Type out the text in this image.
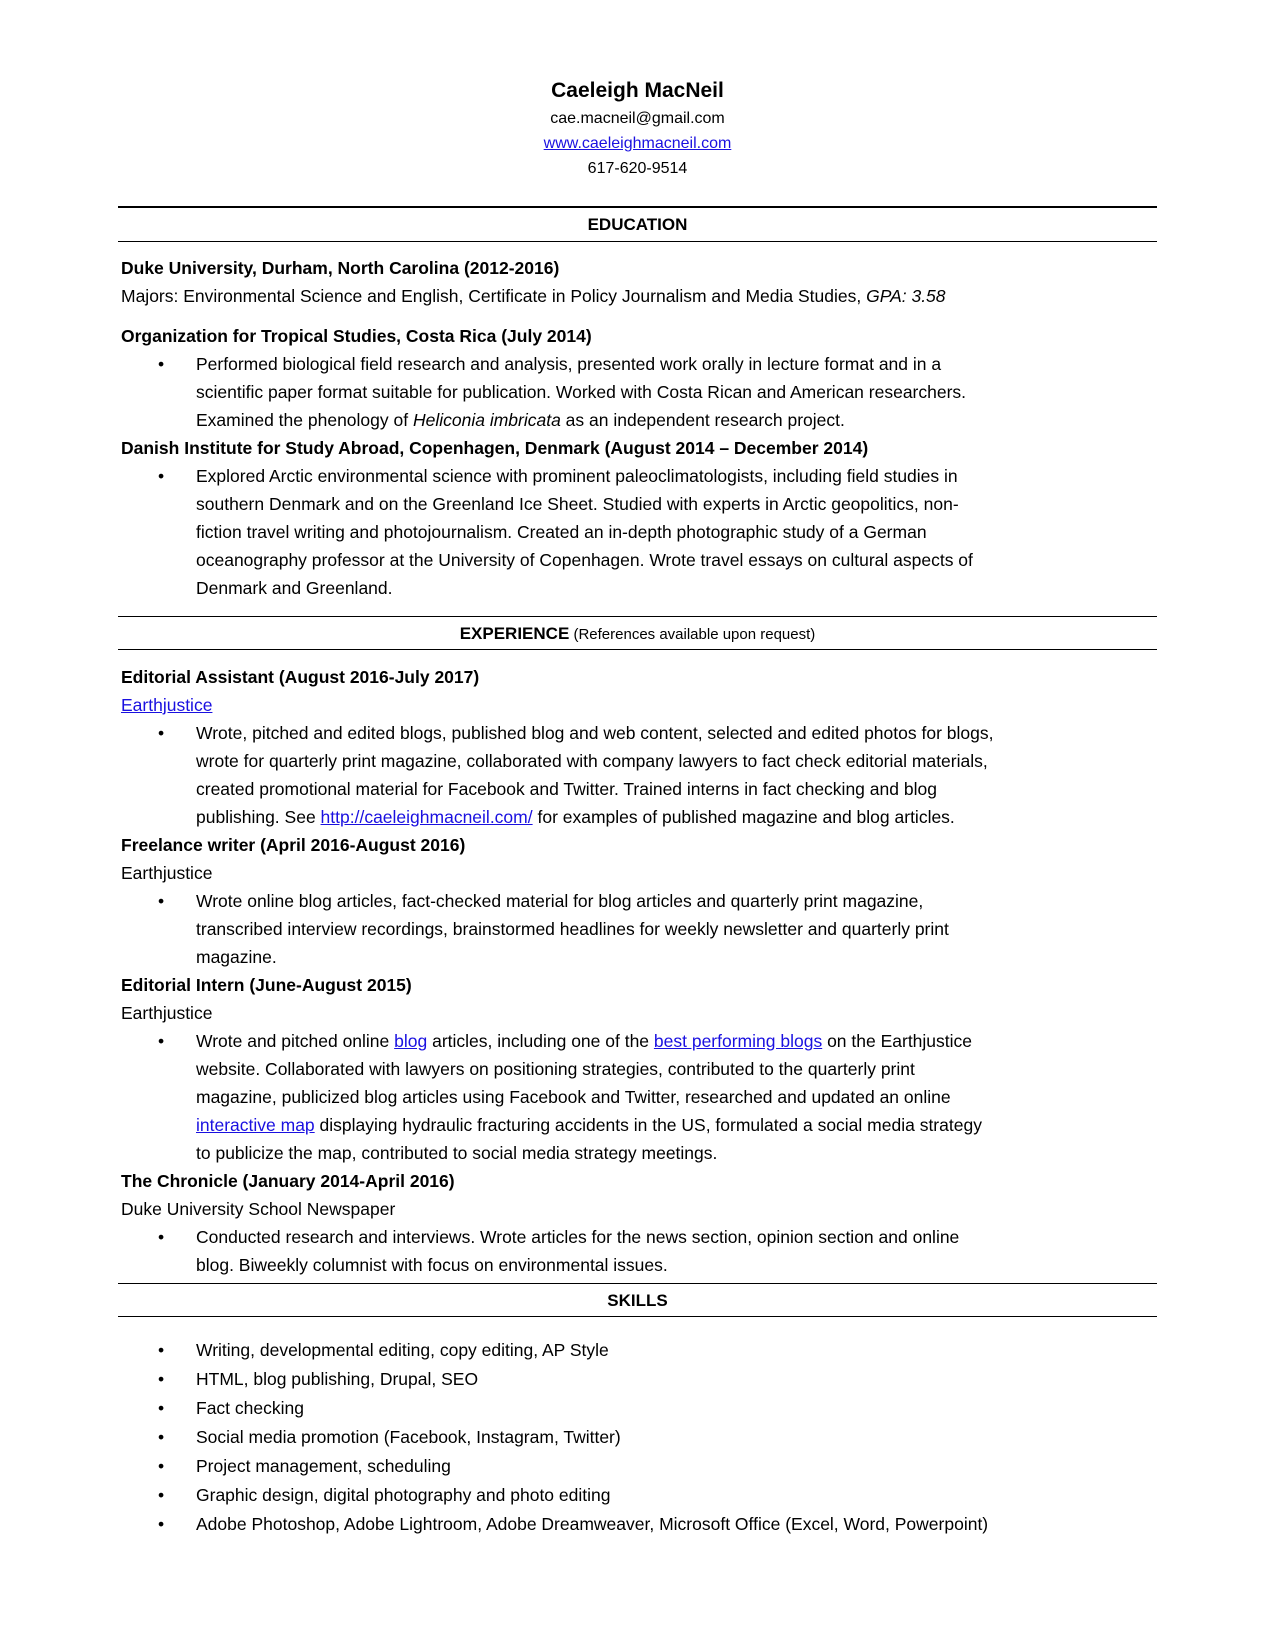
Caeleigh MacNeil
cae.macneil@gmail.com
www.caeleighmacneil.com
617-620-9514
EDUCATION
Duke University, Durham, North Carolina (2012-2016)
Majors: Environmental Science and English, Certificate in Policy Journalism and Media Studies, GPA: 3.58
Organization for Tropical Studies, Costa Rica (July 2014)
• Performed biological field research and analysis, presented work orally in lecture format and in a
scientific paper format suitable for publication. Worked with Costa Rican and American researchers.
Examined the phenology of Heliconia imbricata as an independent research project.
Danish Institute for Study Abroad, Copenhagen, Denmark (August 2014 – December 2014)
• Explored Arctic environmental science with prominent paleoclimatologists, including field studies in
southern Denmark and on the Greenland Ice Sheet. Studied with experts in Arctic geopolitics, non-
fiction travel writing and photojournalism. Created an in-depth photographic study of a German
oceanography professor at the University of Copenhagen. Wrote travel essays on cultural aspects of
Denmark and Greenland.
EXPERIENCE (References available upon request)
Editorial Assistant (August 2016-July 2017)
Earthjustice
• Wrote, pitched and edited blogs, published blog and web content, selected and edited photos for blogs,
wrote for quarterly print magazine, collaborated with company lawyers to fact check editorial materials,
created promotional material for Facebook and Twitter. Trained interns in fact checking and blog
publishing. See http://caeleighmacneil.com/ for examples of published magazine and blog articles.
Freelance writer (April 2016-August 2016)
Earthjustice
• Wrote online blog articles, fact-checked material for blog articles and quarterly print magazine,
transcribed interview recordings, brainstormed headlines for weekly newsletter and quarterly print
magazine.
Editorial Intern (June-August 2015)
Earthjustice
• Wrote and pitched online blog articles, including one of the best performing blogs on the Earthjustice
website. Collaborated with lawyers on positioning strategies, contributed to the quarterly print
magazine, publicized blog articles using Facebook and Twitter, researched and updated an online
interactive map displaying hydraulic fracturing accidents in the US, formulated a social media strategy
to publicize the map, contributed to social media strategy meetings.
The Chronicle (January 2014-April 2016)
Duke University School Newspaper
• Conducted research and interviews. Wrote articles for the news section, opinion section and online
blog. Biweekly columnist with focus on environmental issues.
SKILLS
• Writing, developmental editing, copy editing, AP Style
• HTML, blog publishing, Drupal, SEO
• Fact checking
• Social media promotion (Facebook, Instagram, Twitter)
• Project management, scheduling
• Graphic design, digital photography and photo editing
• Adobe Photoshop, Adobe Lightroom, Adobe Dreamweaver, Microsoft Office (Excel, Word, Powerpoint)
